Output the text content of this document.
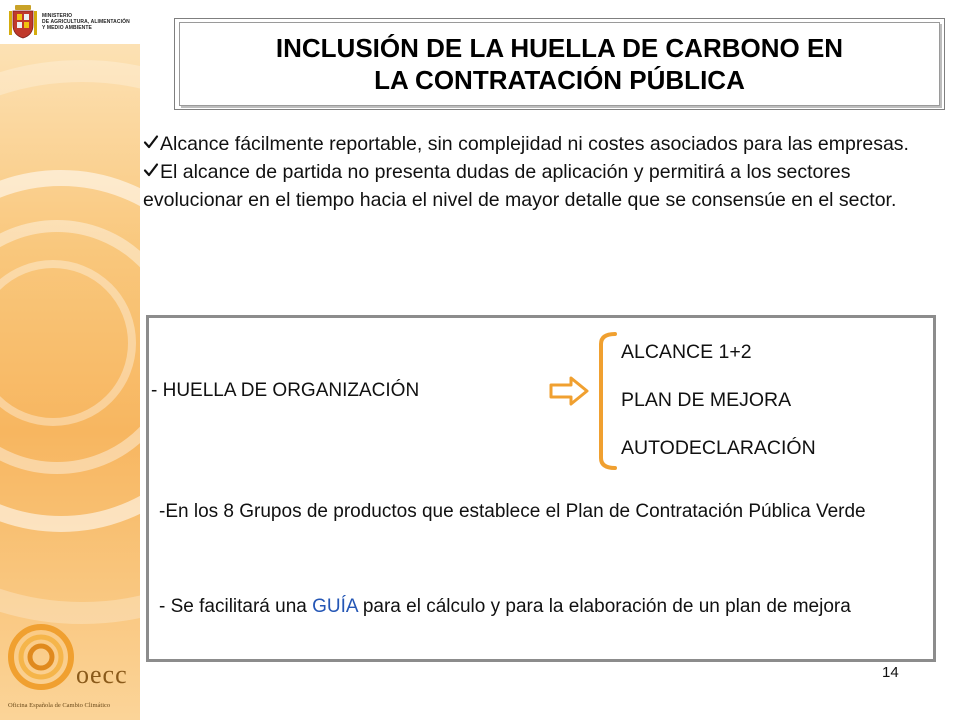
MINISTERIO
DE AGRICULTURA, ALIMENTACIÓN
Y MEDIO AMBIENTE
oecc
Oficina Española de Cambio Climático
INCLUSIÓN DE LA HUELLA DE CARBONO EN
LA CONTRATACIÓN PÚBLICA

Alcance fácilmente reportable, sin complejidad ni costes asociados para las empresas.

El alcance de partida no presenta dudas de aplicación y permitirá a los sectores evolucionar en el tiempo hacia el nivel de mayor detalle que se consensúe en el sector.

- HUELLA DE ORGANIZACIÓN
ALCANCE 1+2
PLAN DE MEJORA
AUTODECLARACIÓN

-En los 8 Grupos de productos que establece el Plan de Contratación Pública Verde

- Se facilitará una GUÍA para el cálculo y para la elaboración de un plan de mejora

14
